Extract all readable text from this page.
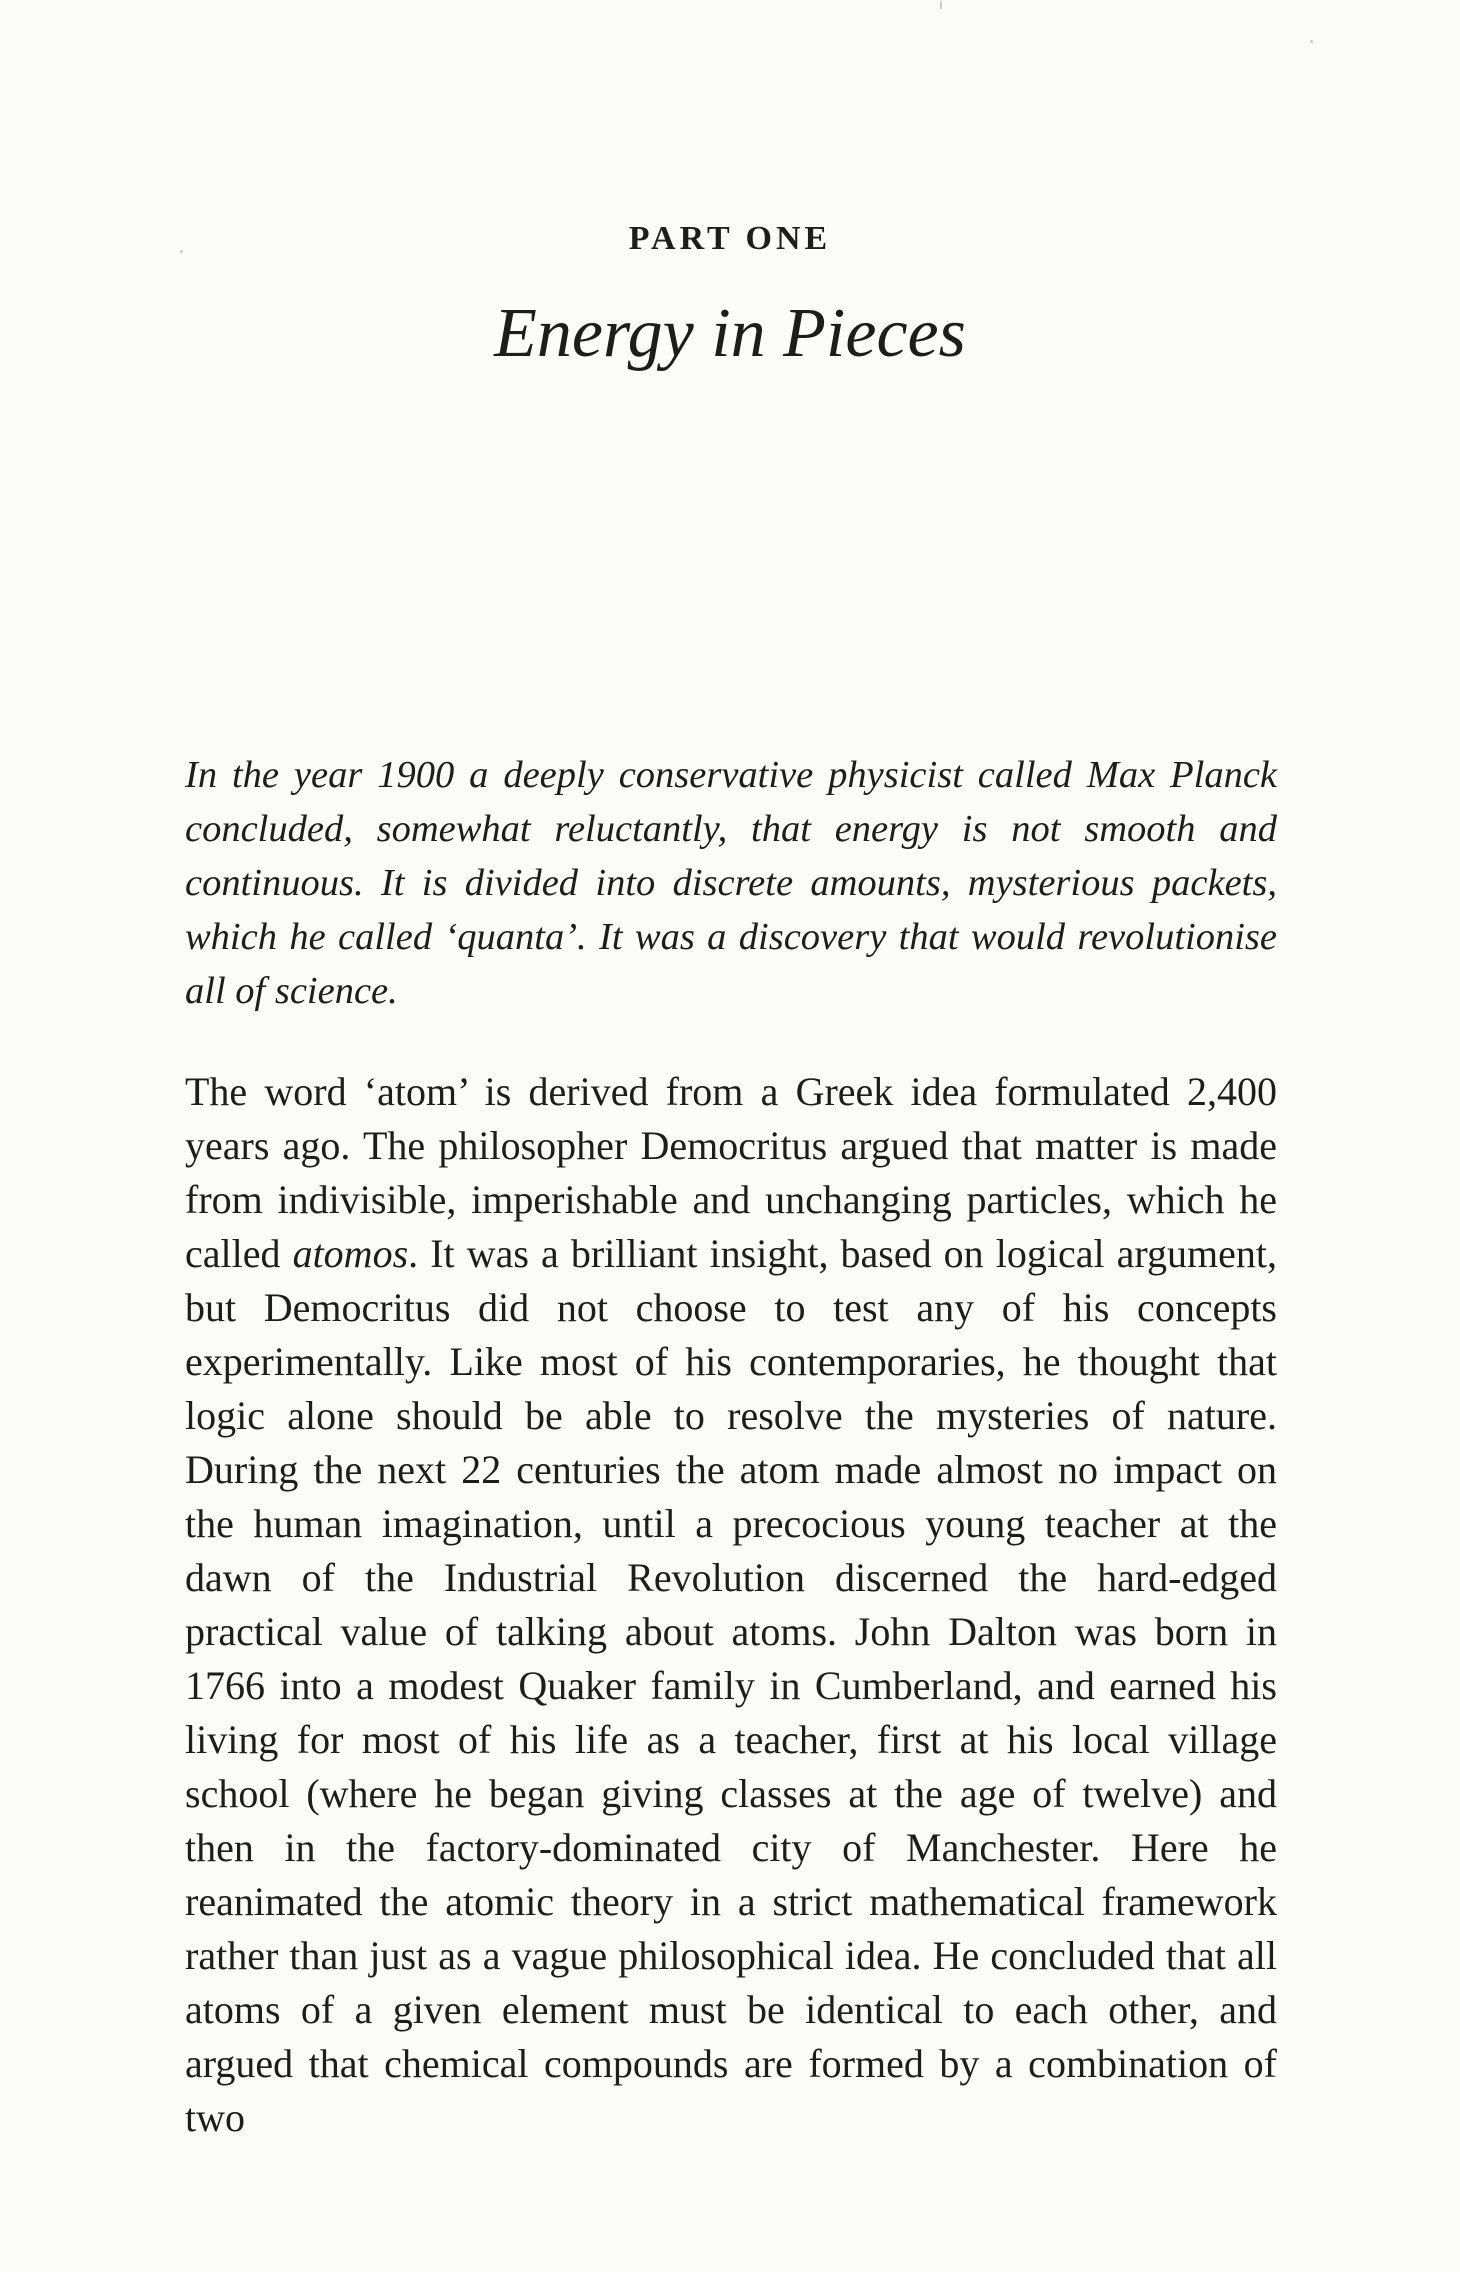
PART ONE
Energy in Pieces
In the year 1900 a deeply conservative physicist called Max Planck concluded, somewhat reluctantly, that energy is not smooth and continuous. It is divided into discrete amounts, mysterious packets, which he called ‘quanta’. It was a discovery that would revolutionise all of science.

The word ‘atom’ is derived from a Greek idea formulated 2,400 years ago. The philosopher Democritus argued that matter is made from indivisible, imperishable and unchanging particles, which he called atomos. It was a brilliant insight, based on logical argument, but Democritus did not choose to test any of his concepts experimentally. Like most of his contemporaries, he thought that logic alone should be able to resolve the mysteries of nature. During the next 22 centuries the atom made almost no impact on the human imagination, until a precocious young teacher at the dawn of the Industrial Revolution discerned the hard-edged practical value of talking about atoms. John Dalton was born in 1766 into a modest Quaker family in Cumberland, and earned his living for most of his life as a teacher, first at his local village school (where he began giving classes at the age of twelve) and then in the factory-dominated city of Manchester. Here he reanimated the atomic theory in a strict mathematical framework rather than just as a vague philosophical idea. He concluded that all atoms of a given element must be identical to each other, and argued that chemical compounds are formed by a combination of two
